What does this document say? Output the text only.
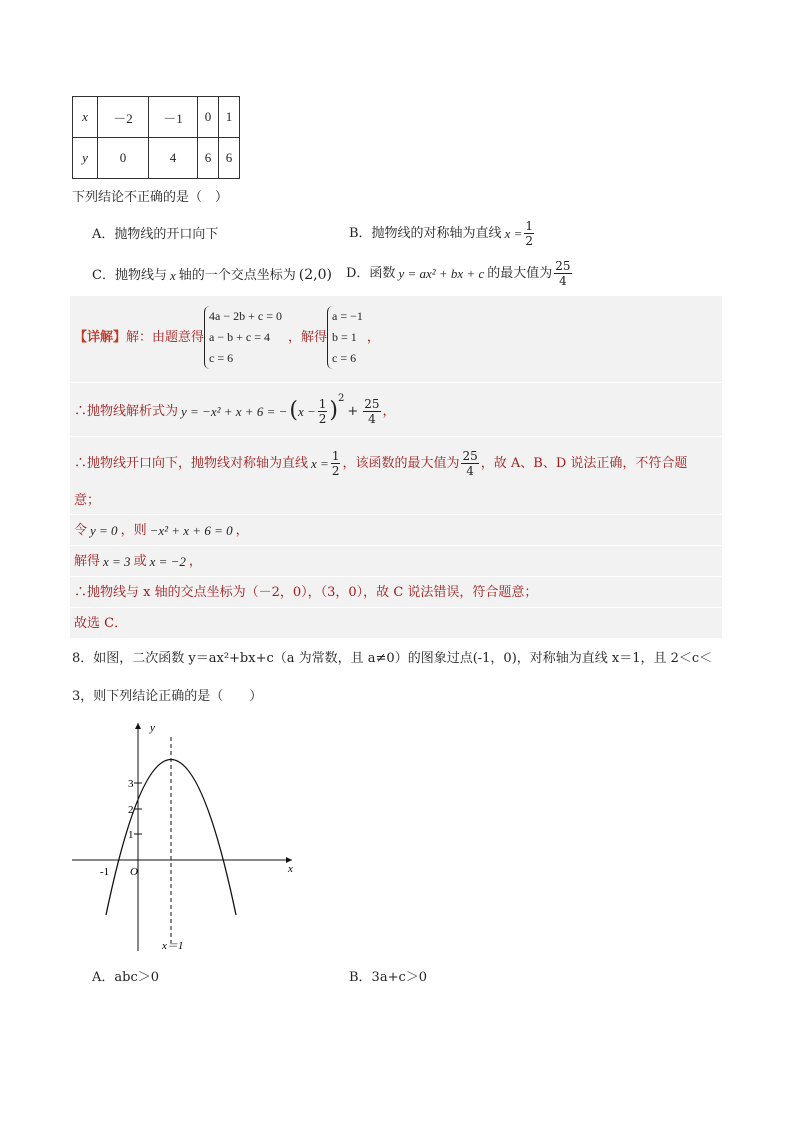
x	－2	－1	0	1
y	0	4	6	6
下列结论不正确的是（　）
A．抛物线的开口向下	B．抛物线的对称轴为直线 $x = \frac{1}{2}$
C．抛物线与 x 轴的一个交点坐标为 (2,0) D．函数 y = ax² + bx + c 的最大值为 $\frac{25}{4}$
【详解】 解：由题意得
4a − 2b + c = 0
a − b + c = 4
c = 6
，解得
a = −1
b = 1
c = 6
，
∴抛物线解析式为 y = −x² + x + 6 = − ( $x - \frac{1}{2} )^2$
+ $\frac{25}{4}$ ，
∴抛物线开口向下，抛物线对称轴为直线 $x = \frac{1}{2}$ ，该函数的最大值为 $\frac{25}{4}$ ，故 A、B、D 说法正确，不符合题
意；
令 y = 0 ，则 −x² + x + 6 = 0 ，
解得 x = 3 或 x = −2 ，
∴抛物线与 x 轴的交点坐标为（－2，0），（3，0），故 C 说法错误，符合题意；
故选 C．
8．如图，二次函数 y＝ax²+bx+c（a 为常数，且 a≠0）的图象过点(-1，0)，对称轴为直线 x＝1，且 2＜c＜
3，则下列结论正确的是（　　）
y
x
O
-1
3
2
1
x＝1
A．abc＞0	B．3a+c＞0
